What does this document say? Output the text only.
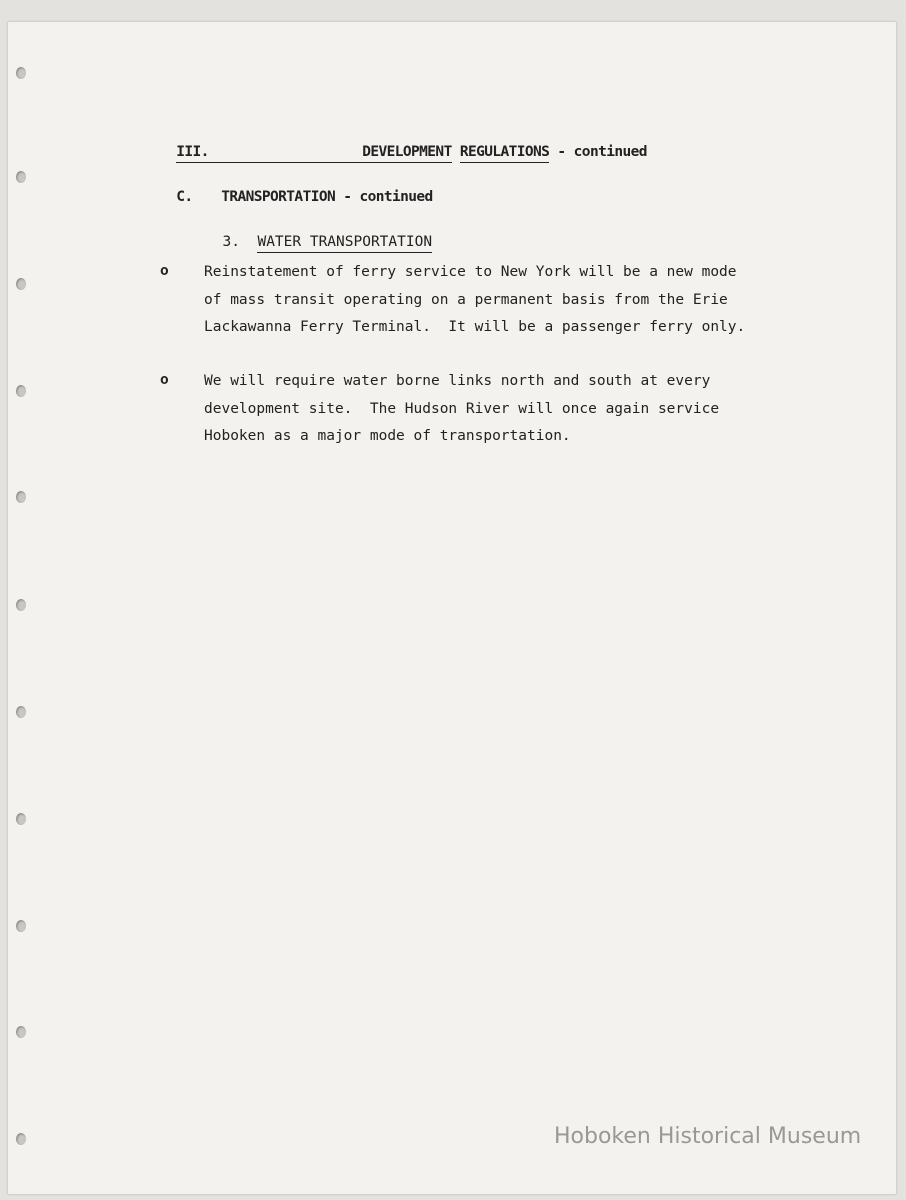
III.	DEVELOPMENT REGULATIONS - continued

C. TRANSPORTATION - continued

3. WATER TRANSPORTATION

o Reinstatement of ferry service to New York will be a new mode
of mass transit operating on a permanent basis from the Erie
Lackawanna Ferry Terminal.  It will be a passenger ferry only.
o We will require water borne links north and south at every
development site.  The Hudson River will once again service
Hoboken as a major mode of transportation.
Hoboken Historical Museum
